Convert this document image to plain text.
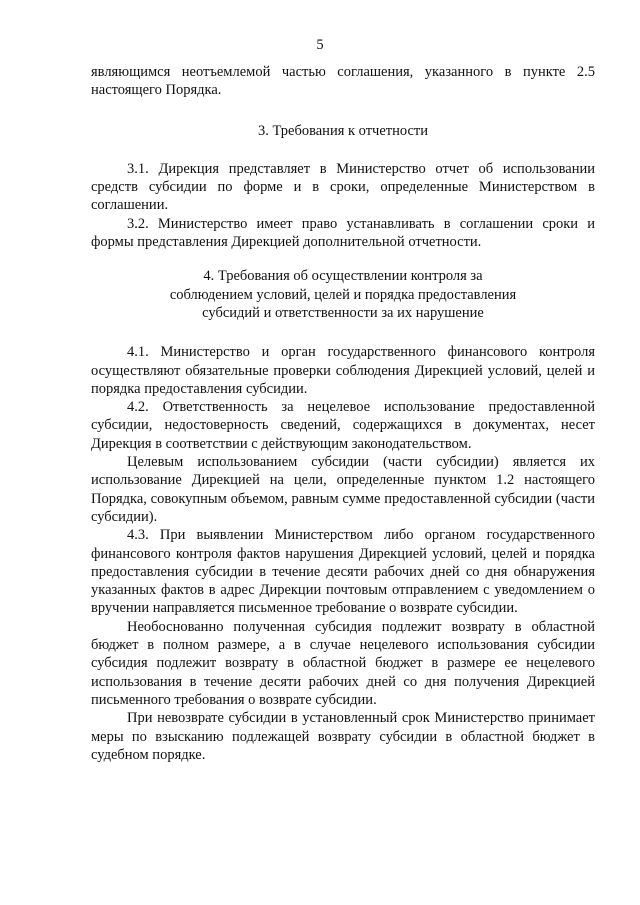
5

являющимся неотъемлемой частью соглашения, указанного в пункте 2.5 настоящего Порядка.

3. Требования к отчетности

3.1. Дирекция представляет в Министерство отчет об использовании средств субсидии по форме и в сроки, определенные Министерством в соглашении.

3.2. Министерство имеет право устанавливать в соглашении сроки и формы представления Дирекцией дополнительной отчетности.

4. Требования об осуществлении контроля за
соблюдением условий, целей и порядка предоставления
субсидий и ответственности за их нарушение

4.1. Министерство и орган государственного финансового контроля осуществляют обязательные проверки соблюдения Дирекцией условий, целей и порядка предоставления субсидии.

4.2. Ответственность за нецелевое использование предоставленной субсидии, недостоверность сведений, содержащихся в документах, несет Дирекция в соответствии с действующим законодательством.

Целевым использованием субсидии (части субсидии) является их использование Дирекцией на цели, определенные пунктом 1.2 настоящего Порядка, совокупным объемом, равным сумме предоставленной субсидии (части субсидии).

4.3. При выявлении Министерством либо органом государственного финансового контроля фактов нарушения Дирекцией условий, целей и порядка предоставления субсидии в течение десяти рабочих дней со дня обнаружения указанных фактов в адрес Дирекции почтовым отправлением с уведомлением о вручении направляется письменное требование о возврате субсидии.

Необоснованно полученная субсидия подлежит возврату в областной бюджет в полном размере, а в случае нецелевого использования субсидии субсидия подлежит возврату в областной бюджет в размере ее нецелевого использования в течение десяти рабочих дней со дня получения Дирекцией письменного требования о возврате субсидии.

При невозврате субсидии в установленный срок Министерство принимает меры по взысканию подлежащей возврату субсидии в областной бюджет в судебном порядке.
